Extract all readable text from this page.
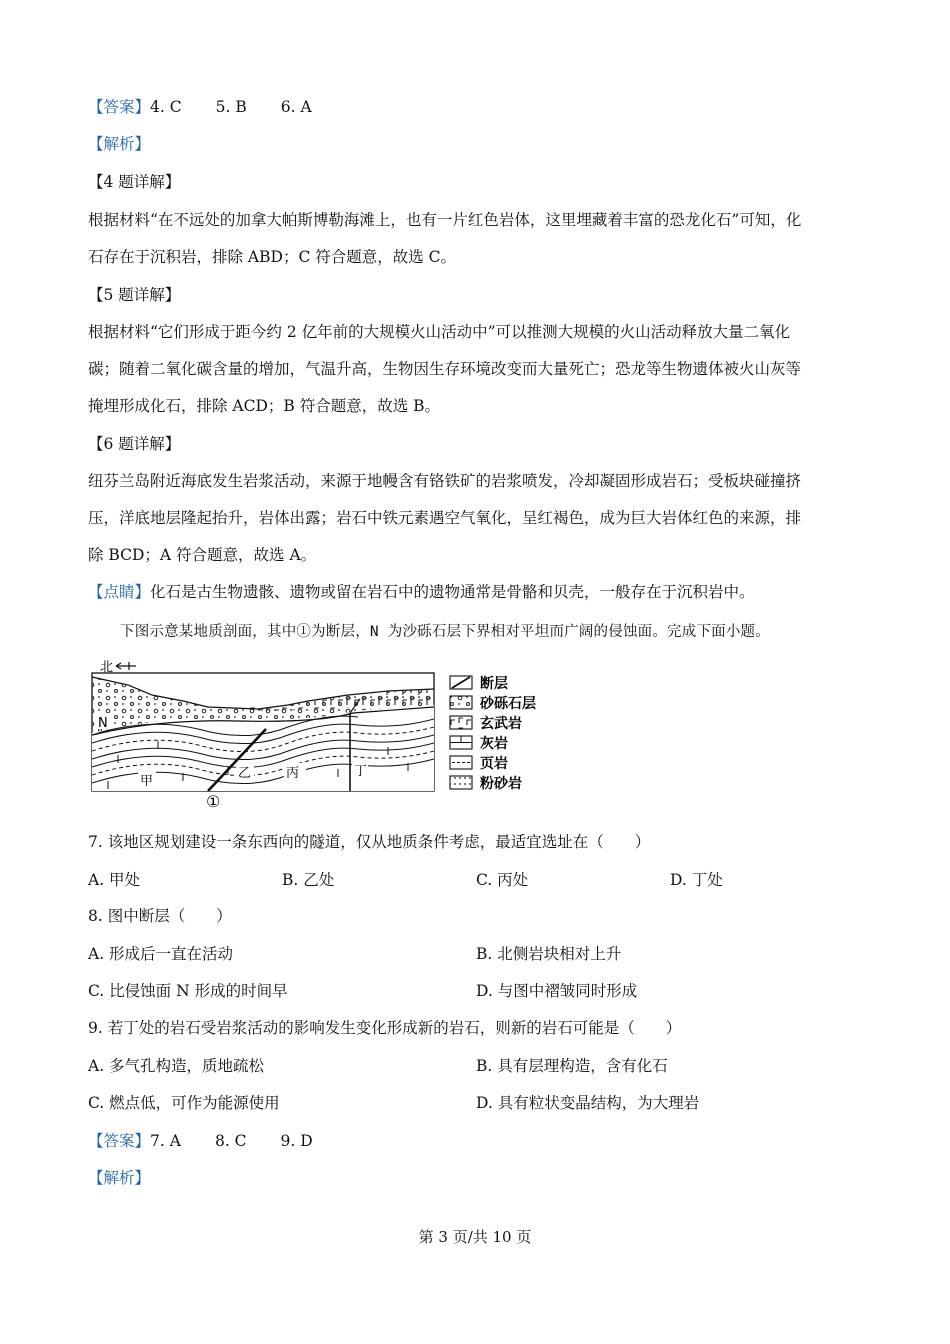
【答案】4. C 5. B 6. A
【解析】
【4 题详解】
根据材料“在不远处的加拿大帕斯博勒海滩上，也有一片红色岩体，这里埋藏着丰富的恐龙化石”可知，化
石存在于沉积岩，排除 ABD；C 符合题意，故选 C。
【5 题详解】
根据材料“它们形成于距今约 2 亿年前的大规模火山活动中”可以推测大规模的火山活动释放大量二氧化
碳；随着二氧化碳含量的增加，气温升高，生物因生存环境改变而大量死亡；恐龙等生物遗体被火山灰等
掩埋形成化石，排除 ACD；B 符合题意，故选 B。
【6 题详解】
纽芬兰岛附近海底发生岩浆活动，来源于地幔含有铬铁矿的岩浆喷发，冷却凝固形成岩石；受板块碰撞挤
压，洋底地层隆起抬升，岩体出露；岩石中铁元素遇空气氧化，呈红褐色，成为巨大岩体红色的来源，排
除 BCD；A 符合题意，故选 A。
【点睛】化石是古生物遗骸、遗物或留在岩石中的遗物通常是骨骼和贝壳，一般存在于沉积岩中。
下图示意某地质剖面，其中①为断层，N 为沙砾石层下界相对平坦而广阔的侵蚀面。完成下面小题。
北
甲
乙	丙	丁
N
①
断层
砂砾石层
玄武岩
灰岩
页岩
粉砂岩
7. 该地区规划建设一条东西向的隧道，仅从地质条件考虑，最适宜选址在（　　）
A. 甲处	B. 乙处	C. 丙处	D. 丁处
8. 图中断层（　　）
A. 形成后一直在活动	B. 北侧岩块相对上升
C. 比侵蚀面 N 形成的时间早	D. 与图中褶皱同时形成
9. 若丁处的岩石受岩浆活动的影响发生变化形成新的岩石，则新的岩石可能是（　　）
A. 多气孔构造，质地疏松	B. 具有层理构造，含有化石
C. 燃点低，可作为能源使用	D. 具有粒状变晶结构，为大理岩
【答案】7. A 8. C 9. D
【解析】
第 3 页/共 10 页
